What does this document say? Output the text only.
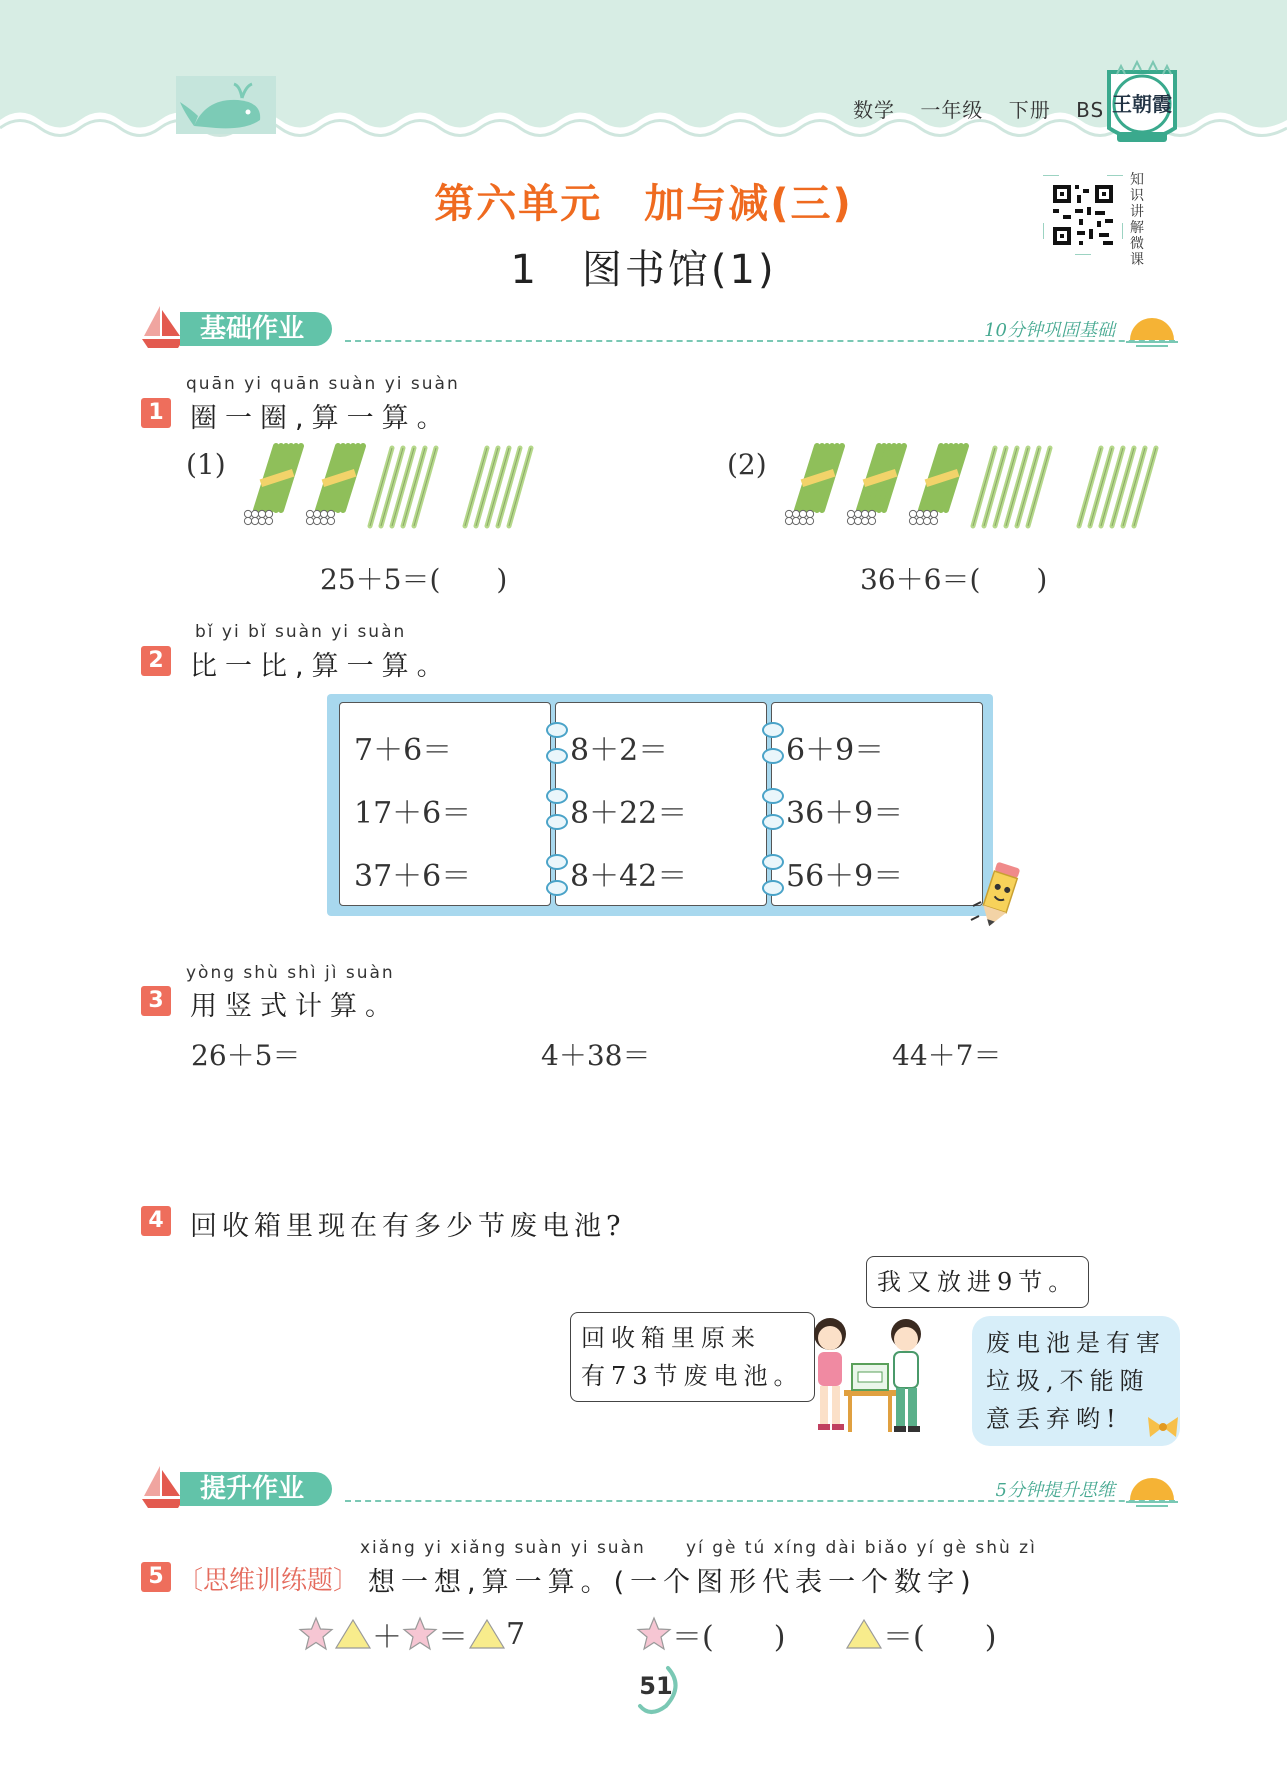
数学 一年级 下册 BS 王朝霞
第六单元　加与减(三)
1　图书馆(1)
知识讲解微课
基础作业	10分钟巩固基础
quān yi quān suàn yi suàn
1 圈一圈,算一算。
(1)
25＋5＝(　　)
(2)
36＋6＝(　　)
bǐ yi bǐ suàn yi suàn
2 比一比,算一算。
7＋6＝
17＋6＝
37＋6＝
8＋2＝
8＋22＝
8＋42＝
6＋9＝
36＋9＝
56＋9＝
yòng shù shì jì suàn
3 用竖式计算。
26＋5＝	4＋38＝	44＋7＝
4 回收箱里现在有多少节废电池?
我又放进9节。
回收箱里原来
有73节废电池。
废电池是有害
垃圾,不能随
意丢弃哟!
提升作业	5分钟提升思维
xiǎng yi xiǎng suàn yi suàn yí gè tú xíng dài biǎo yí gè shù zì
5 〔思维训练题〕 想一想,算一算。(一个图形代表一个数字)
＋ ＝ 7	＝(　　)	＝(　　)
51
